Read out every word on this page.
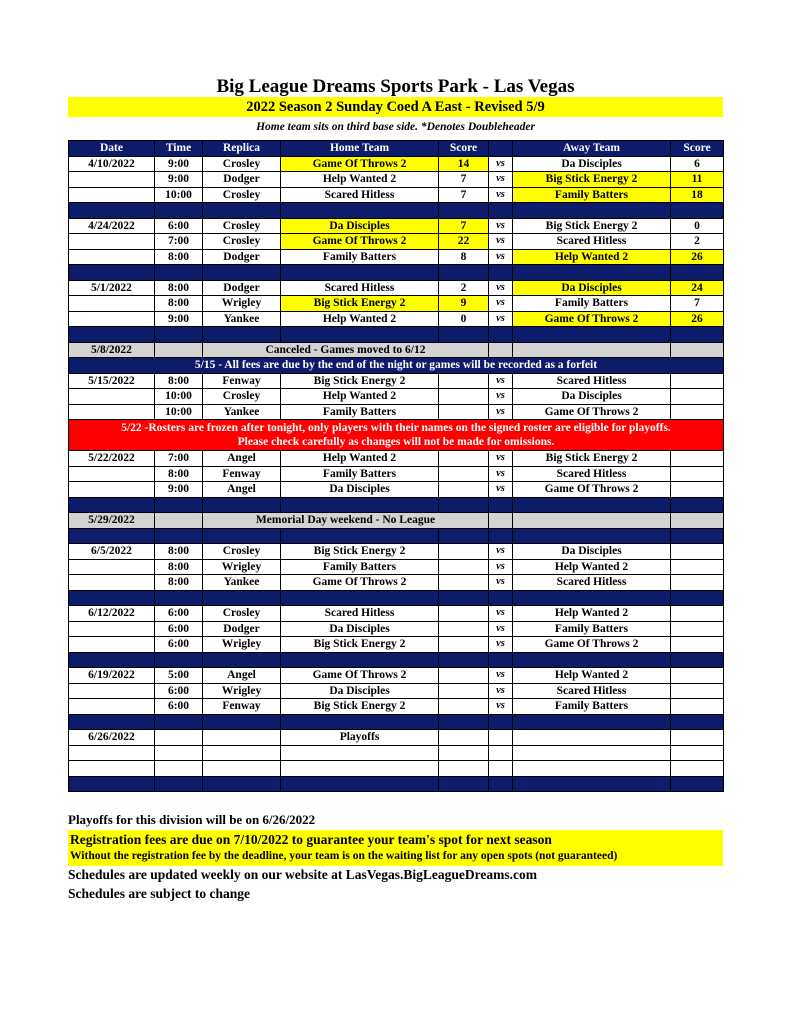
Big League Dreams Sports Park - Las Vegas
2022 Season 2 Sunday Coed A East - Revised 5/9
Home team sits on third base side. *Denotes Doubleheader
Date	Time	Replica	Home Team	Score		Away Team	Score
4/10/2022	9:00	Crosley	Game Of Throws 2	14	vs	Da Disciples	6
	9:00	Dodger	Help Wanted 2	7	vs	Big Stick Energy 2	11
	10:00	Crosley	Scared Hitless	7	vs	Family Batters	18

4/24/2022	6:00	Crosley	Da Disciples	7	vs	Big Stick Energy 2	0
	7:00	Crosley	Game Of Throws 2	22	vs	Scared Hitless	2
	8:00	Dodger	Family Batters	8	vs	Help Wanted 2	26

5/1/2022	8:00	Dodger	Scared Hitless	2	vs	Da Disciples	24
	8:00	Wrigley	Big Stick Energy 2	9	vs	Family Batters	7
	9:00	Yankee	Help Wanted 2	0	vs	Game Of Throws 2	26

5/8/2022		Canceled - Games moved to 6/12					
5/15 - All fees are due by the end of the night or games will be recorded as a forfeit							
5/15/2022	8:00	Fenway	Big Stick Energy 2		vs	Scared Hitless	
	10:00	Crosley	Help Wanted 2		vs	Da Disciples	
	10:00	Yankee	Family Batters		vs	Game Of Throws 2	

5/22 -Rosters are frozen after tonight, only players with their names on the signed roster are eligible for playoffs.
Please check carefully as changes will not be made for omissions.							

5/22/2022	7:00	Angel	Help Wanted 2		vs	Big Stick Energy 2	
	8:00	Fenway	Family Batters		vs	Scared Hitless	
	9:00	Angel	Da Disciples		vs	Game Of Throws 2	

5/29/2022		Memorial Day weekend - No League					

6/5/2022	8:00	Crosley	Big Stick Energy 2		vs	Da Disciples	
	8:00	Wrigley	Family Batters		vs	Help Wanted 2	
	8:00	Yankee	Game Of Throws 2		vs	Scared Hitless	

6/12/2022	6:00	Crosley	Scared Hitless		vs	Help Wanted 2	
	6:00	Dodger	Da Disciples		vs	Family Batters	
	6:00	Wrigley	Big Stick Energy 2		vs	Game Of Throws 2	

6/19/2022	5:00	Angel	Game Of Throws 2		vs	Help Wanted 2	
	6:00	Wrigley	Da Disciples		vs	Scared Hitless	
	6:00	Fenway	Big Stick Energy 2		vs	Family Batters	

6/26/2022			Playoffs				

Playoffs for this division will be on 6/26/2022
Registration fees are due on 7/10/2022 to guarantee your team's spot for next season
Without the registration fee by the deadline, your team is on the waiting list for any open spots (not guaranteed)
Schedules are updated weekly on our website at LasVegas.BigLeagueDreams.com
Schedules are subject to change
